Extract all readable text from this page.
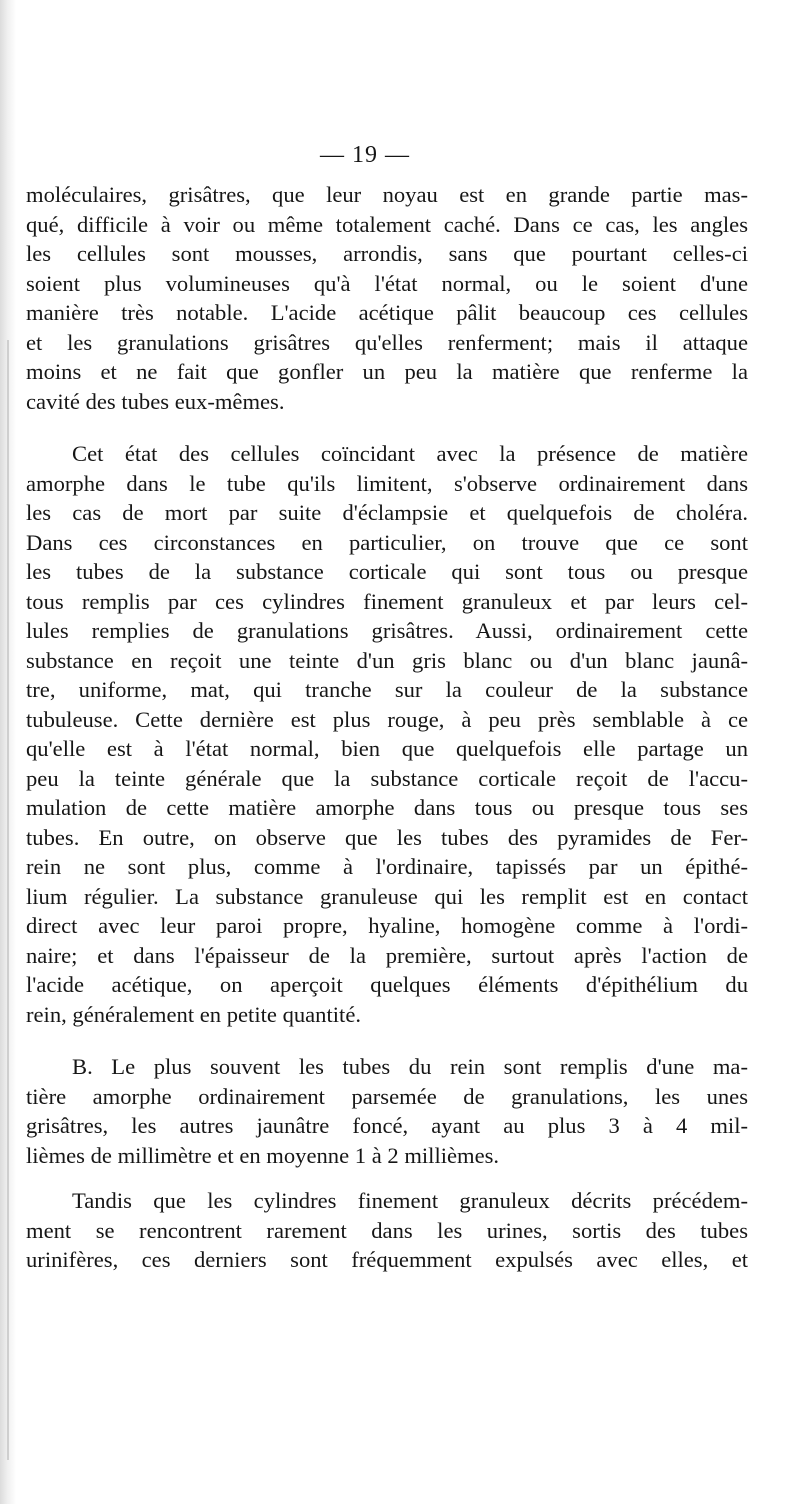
— 19 —
moléculaires, grisâtres, que leur noyau est en grande partie mas-
qué, difficile à voir ou même totalement caché. Dans ce cas, les angles
les cellules sont mousses, arrondis, sans que pourtant celles-ci
soient plus volumineuses qu'à l'état normal, ou le soient d'une
manière très notable. L'acide acétique pâlit beaucoup ces cellules
et les granulations grisâtres qu'elles renferment; mais il attaque
moins et ne fait que gonfler un peu la matière que renferme la
cavité des tubes eux-mêmes.
Cet état des cellules coïncidant avec la présence de matière
amorphe dans le tube qu'ils limitent, s'observe ordinairement dans
les cas de mort par suite d'éclampsie et quelquefois de choléra.
Dans ces circonstances en particulier, on trouve que ce sont
les tubes de la substance corticale qui sont tous ou presque
tous remplis par ces cylindres finement granuleux et par leurs cel-
lules remplies de granulations grisâtres. Aussi, ordinairement cette
substance en reçoit une teinte d'un gris blanc ou d'un blanc jaunâ-
tre, uniforme, mat, qui tranche sur la couleur de la substance
tubuleuse. Cette dernière est plus rouge, à peu près semblable à ce
qu'elle est à l'état normal, bien que quelquefois elle partage un
peu la teinte générale que la substance corticale reçoit de l'accu-
mulation de cette matière amorphe dans tous ou presque tous ses
tubes. En outre, on observe que les tubes des pyramides de Fer-
rein ne sont plus, comme à l'ordinaire, tapissés par un épithé-
lium régulier. La substance granuleuse qui les remplit est en contact
direct avec leur paroi propre, hyaline, homogène comme à l'ordi-
naire; et dans l'épaisseur de la première, surtout après l'action de
l'acide acétique, on aperçoit quelques éléments d'épithélium du
rein, généralement en petite quantité.
B. Le plus souvent les tubes du rein sont remplis d'une ma-
tière amorphe ordinairement parsemée de granulations, les unes
grisâtres, les autres jaunâtre foncé, ayant au plus 3 à 4 mil-
lièmes de millimètre et en moyenne 1 à 2 millièmes.
Tandis que les cylindres finement granuleux décrits précédem-
ment se rencontrent rarement dans les urines, sortis des tubes
urinifères, ces derniers sont fréquemment expulsés avec elles, et
